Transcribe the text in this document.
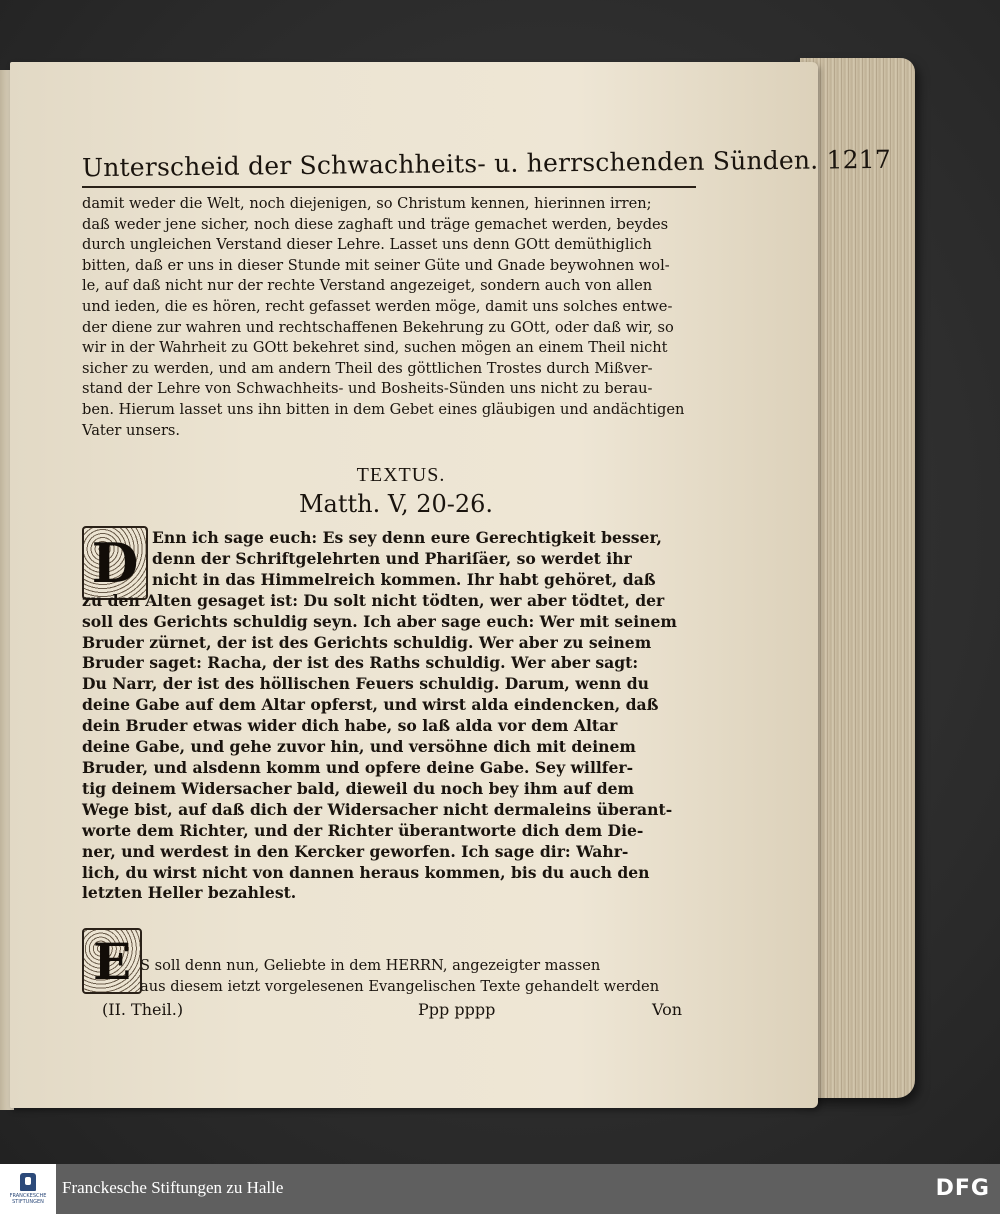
Unterscheid der Schwachheits- u. herrschenden Sünden. 1217
damit weder die Welt, noch diejenigen, so Christum kennen, hierinnen irren;
daß weder jene sicher, noch diese zaghaft und träge gemachet werden, beydes
durch ungleichen Verstand dieser Lehre. Lasset uns denn GOtt demüthiglich
bitten, daß er uns in dieser Stunde mit seiner Güte und Gnade beywohnen wol-
le, auf daß nicht nur der rechte Verstand angezeiget, sondern auch von allen
und ieden, die es hören, recht gefasset werden möge, damit uns solches entwe-
der diene zur wahren und rechtschaffenen Bekehrung zu GOtt, oder daß wir, so
wir in der Wahrheit zu GOtt bekehret sind, suchen mögen an einem Theil nicht
sicher zu werden, und am andern Theil des göttlichen Trostes durch Mißver-
stand der Lehre von Schwachheits- und Bosheits-Sünden uns nicht zu berau-
ben. Hierum lasset uns ihn bitten in dem Gebet eines gläubigen und andächtigen
Vater unsers.
TEXTUS.
Matth. V, 20-26.
D Enn ich sage euch: Es sey denn eure Gerechtigkeit besser,
denn der Schriftgelehrten und Phariſäer, so werdet ihr
nicht in das Himmelreich kommen. Ihr habt gehöret, daß
zu den Alten gesaget ist: Du solt nicht tödten, wer aber tödtet, der
soll des Gerichts schuldig seyn. Ich aber sage euch: Wer mit seinem
Bruder zürnet, der ist des Gerichts schuldig. Wer aber zu seinem
Bruder saget: Racha, der ist des Raths schuldig. Wer aber sagt:
Du Narr, der ist des höllischen Feuers schuldig. Darum, wenn du
deine Gabe auf dem Altar opferst, und wirst alda eindencken, daß
dein Bruder etwas wider dich habe, so laß alda vor dem Altar
deine Gabe, und gehe zuvor hin, und versöhne dich mit deinem
Bruder, und alsdenn komm und opfere deine Gabe. Sey willfer-
tig deinem Widersacher bald, dieweil du noch bey ihm auf dem
Wege bist, auf daß dich der Widersacher nicht dermaleins überant-
worte dem Richter, und der Richter überantworte dich dem Die-
ner, und werdest in den Kercker geworfen. Ich sage dir: Wahr-
lich, du wirst nicht von dannen heraus kommen, bis du auch den
letzten Heller bezahlest.
E S soll denn nun, Geliebte in dem HERRN, angezeigter massen
aus diesem ietzt vorgelesenen Evangelischen Texte gehandelt werden
(II. Theil.)	Ppp pppp	Von
FRANCKESCHE
STIFTUNGEN
Franckesche Stiftungen zu Halle	DFG
